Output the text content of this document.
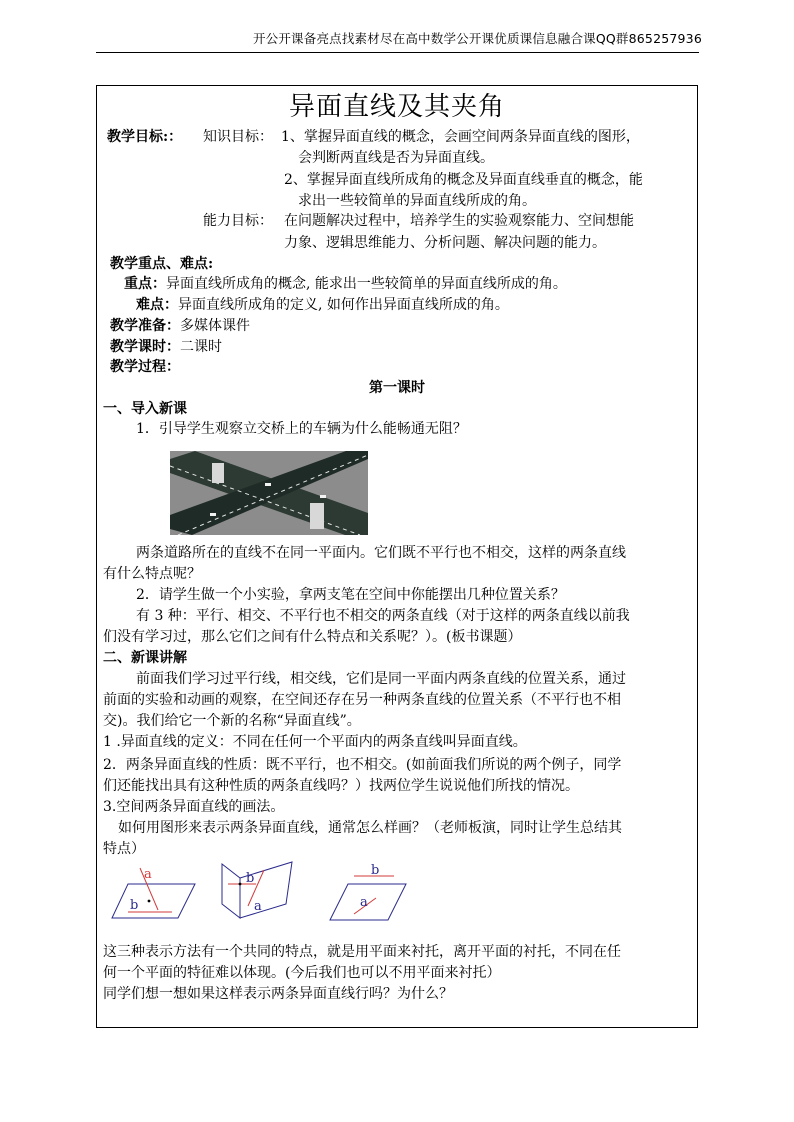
开公开课备亮点找素材尽在高中数学公开课优质课信息融合课QQ群865257936
异面直线及其夹角
教学目标:： 知识目标： 1、掌握异面直线的概念，会画空间两条异面直线的图形，
会判断两直线是否为异面直线。
2、掌握异面直线所成角的概念及异面直线垂直的概念，能
求出一些较简单的异面直线所成的角。
能力目标： 在问题解决过程中，培养学生的实验观察能力、空间想能
力象、逻辑思维能力、分析问题、解决问题的能力。
教学重点、难点:
重点：异面直线所成角的概念, 能求出一些较简单的异面直线所成的角。
难点：异面直线所成角的定义, 如何作出异面直线所成的角。
教学准备：多媒体课件
教学课时：二课时
教学过程：
第一课时
一、导入新课
1．引导学生观察立交桥上的车辆为什么能畅通无阻？
两条道路所在的直线不在同一平面内。它们既不平行也不相交，这样的两条直线
有什么特点呢？
2．请学生做一个小实验，拿两支笔在空间中你能摆出几种位置关系？
有 3 种：平行、相交、不平行也不相交的两条直线（对于这样的两条直线以前我
们没有学习过，那么它们之间有什么特点和关系呢？）。(板书课题）
二、新课讲解
前面我们学习过平行线，相交线，它们是同一平面内两条直线的位置关系，通过
前面的实验和动画的观察，在空间还存在另一种两条直线的位置关系（不平行也不相
交)。我们给它一个新的名称“异面直线”。
1 .异面直线的定义：不同在任何一个平面内的两条直线叫异面直线。
2．两条异面直线的性质：既不平行，也不相交。(如前面我们所说的两个例子，同学
们还能找出具有这种性质的两条直线吗？）找两位学生说说他们所找的情况。
3.空间两条异面直线的画法。
如何用图形来表示两条异面直线，通常怎么样画？（老师板演，同时让学生总结其
特点）
a
b
b
a
b
a
这三种表示方法有一个共同的特点，就是用平面来衬托，离开平面的衬托，不同在任
何一个平面的特征难以体现。(今后我们也可以不用平面来衬托）
同学们想一想如果这样表示两条异面直线行吗？为什么？
